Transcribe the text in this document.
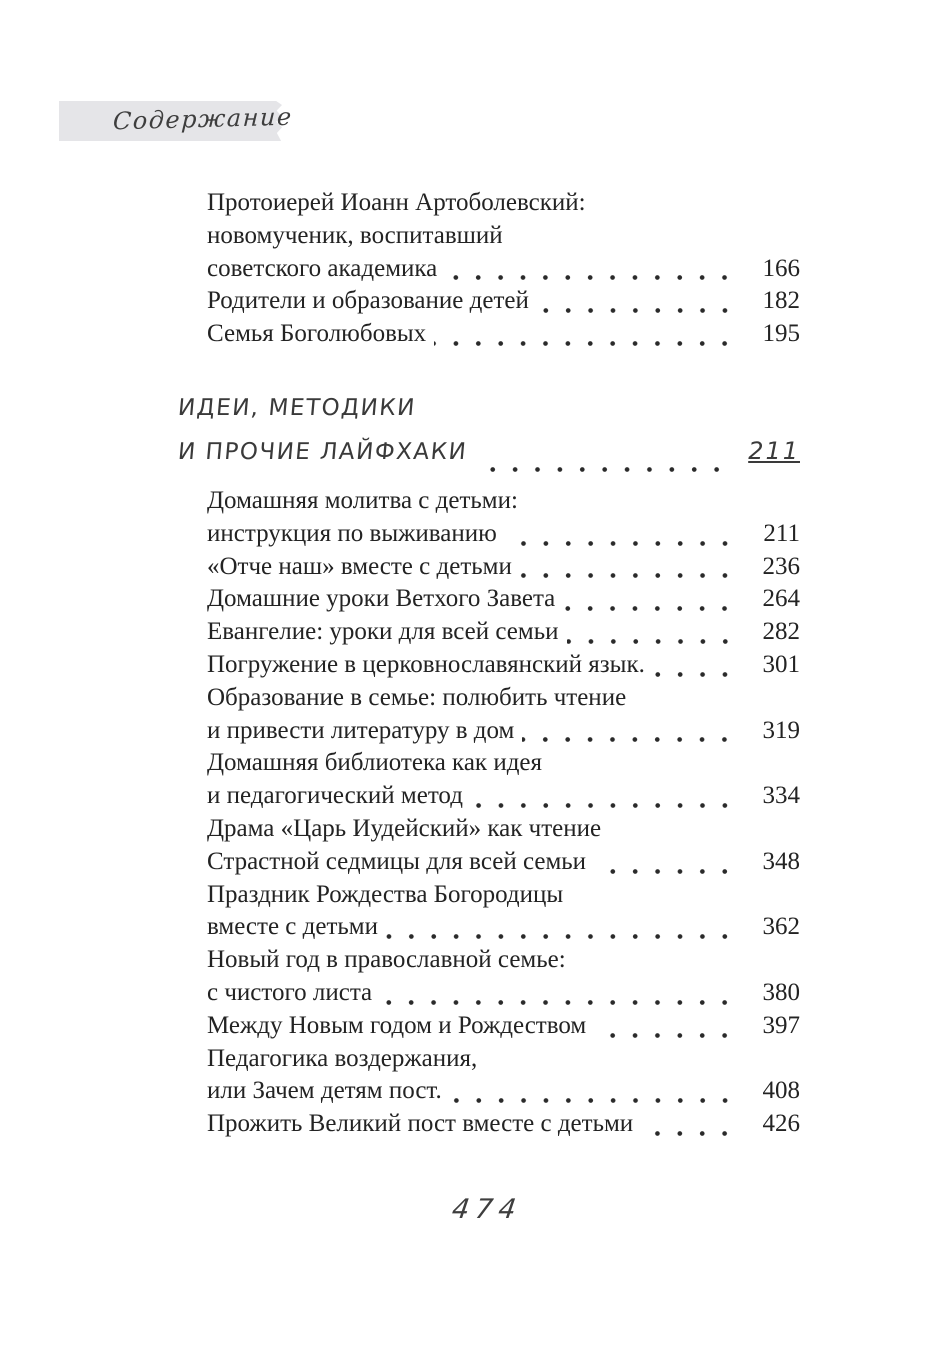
Содержание
Протоиерей Иоанн Артоболевский:
новомученик, воспитавший
советского академика	166
Родители и образование детей	182
Семья Боголюбовых	195
ИДЕИ, МЕТОДИКИ
И ПРОЧИЕ ЛАЙФХАКИ	211
Домашняя молитва с детьми:
инструкция по выживанию	211
«Отче наш» вместе с детьми	236
Домашние уроки Ветхого Завета	264
Евангелие: уроки для всей семьи	282
Погружение в церковнославянский язык.	301
Образование в семье: полюбить чтение
и привести литературу в дом	319
Домашняя библиотека как идея
и педагогический метод	334
Драма «Царь Иудейский» как чтение
Страстной седмицы для всей семьи	348
Праздник Рождества Богородицы
вместе с детьми	362
Новый год в православной семье:
с чистого листа	380
Между Новым годом и Рождеством	397
Педагогика воздержания,
или Зачем детям пост.	408
Прожить Великий пост вместе с детьми	426
474
